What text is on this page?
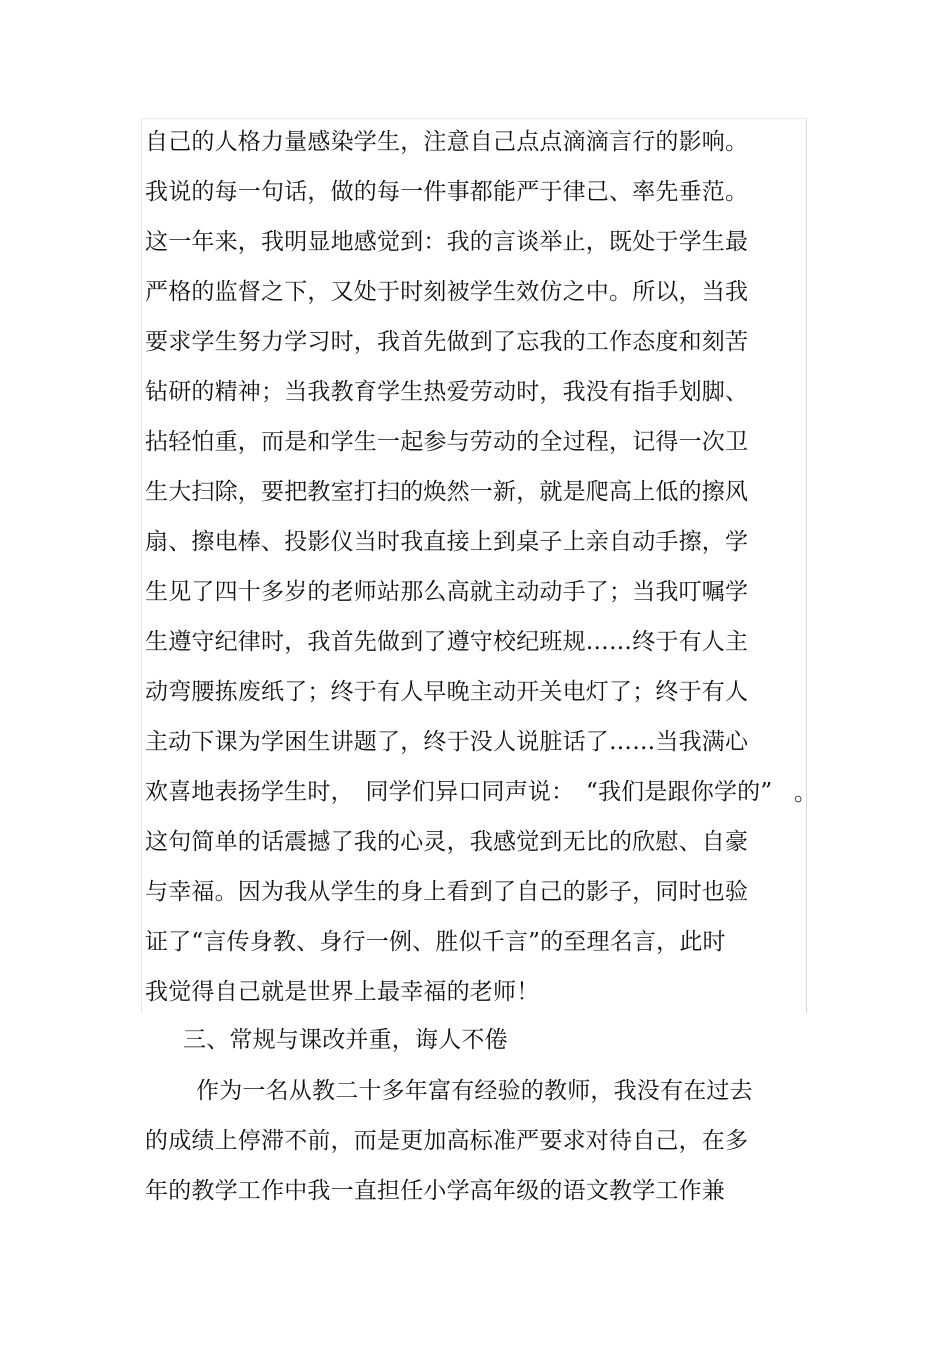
自己的人格力量感染学生，注意自己点点滴滴言行的影响。
我说的每一句话，做的每一件事都能严于律己、率先垂范。
这一年来，我明显地感觉到：我的言谈举止，既处于学生最
严格的监督之下，又处于时刻被学生效仿之中。所以，当我
要求学生努力学习时，我首先做到了忘我的工作态度和刻苦
钻研的精神；当我教育学生热爱劳动时，我没有指手划脚、
拈轻怕重，而是和学生一起参与劳动的全过程，记得一次卫
生大扫除，要把教室打扫的焕然一新，就是爬高上低的擦风
扇、擦电棒、投影仪当时我直接上到桌子上亲自动手擦，学
生见了四十多岁的老师站那么高就主动动手了；当我叮嘱学
生遵守纪律时，我首先做到了遵守校纪班规……终于有人主
动弯腰拣废纸了；终于有人早晚主动开关电灯了；终于有人
主动下课为学困生讲题了，终于没人说脏话了……当我满心
欢喜地表扬学生时，　同学们异口同声说：　“我们是跟你学的” 。
这句简单的话震撼了我的心灵，我感觉到无比的欣慰、自豪
与幸福。因为我从学生的身上看到了自己的影子，同时也验
证了“言传身教、身行一例、胜似千言”的至理名言，此时
我觉得自己就是世界上最幸福的老师！
三、常规与课改并重，诲人不倦
作为一名从教二十多年富有经验的教师，我没有在过去
的成绩上停滞不前，而是更加高标准严要求对待自己，在多
年的教学工作中我一直担任小学高年级的语文教学工作兼
